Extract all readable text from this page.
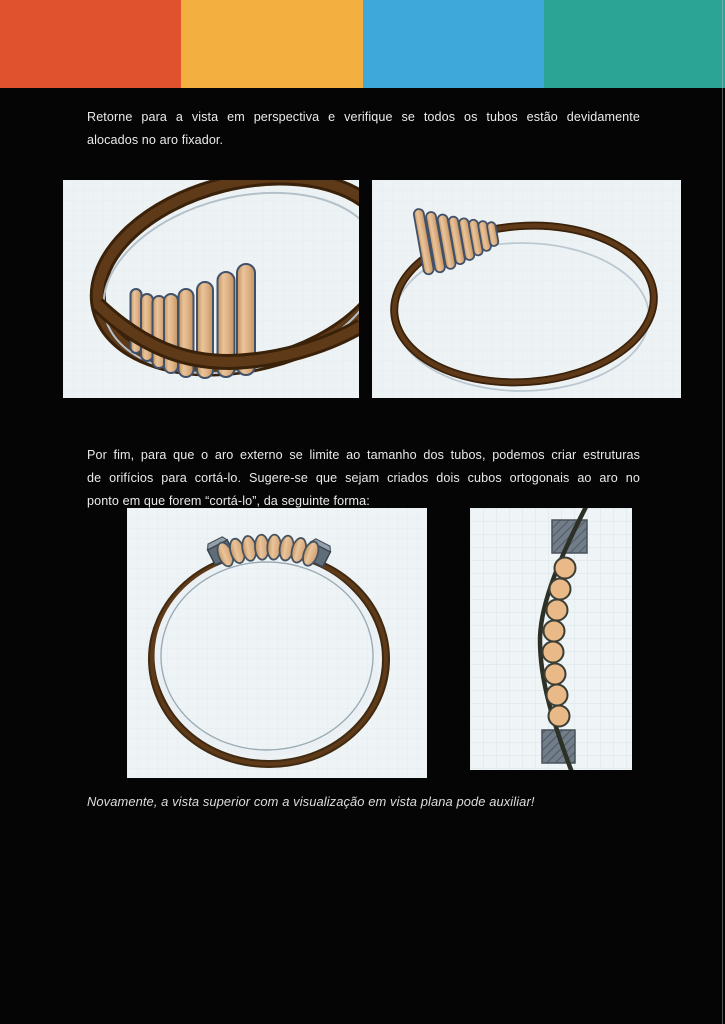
Retorne para a vista em perspectiva e verifique se todos os tubos estão devidamente
alocados no aro fixador.
Por fim, para que o aro externo se limite ao tamanho dos tubos, podemos criar estruturas
de orifícios para cortá-lo. Sugere-se que sejam criados dois cubos ortogonais ao aro no
ponto em que forem “cortá-lo”, da seguinte forma:
Novamente, a vista superior com a visualização em vista plana pode auxiliar!
